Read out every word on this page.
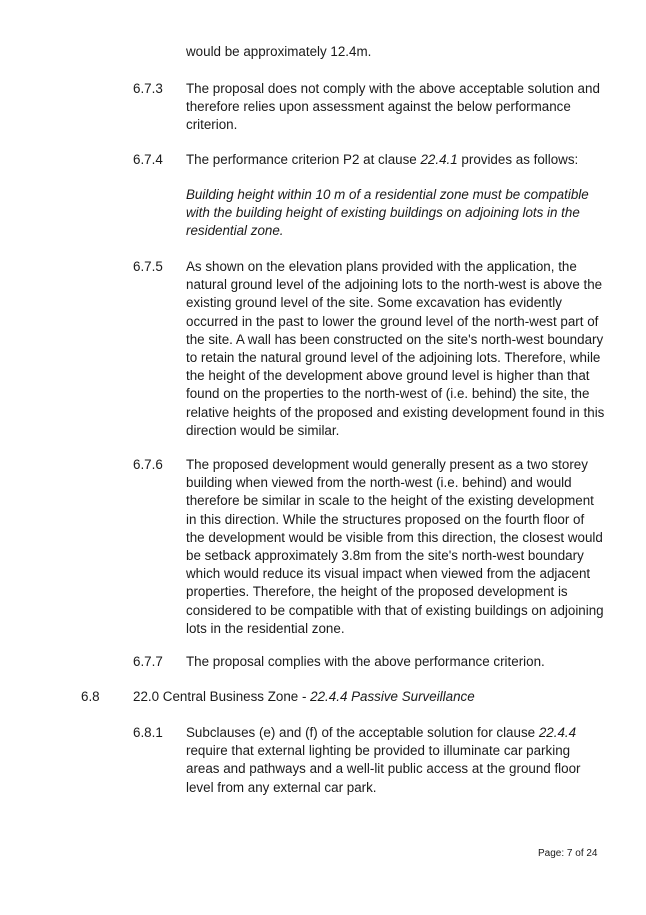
would be approximately 12.4m.
6.7.3 The proposal does not comply with the above acceptable solution and therefore relies upon assessment against the below performance criterion.
6.7.4 The performance criterion P2 at clause 22.4.1 provides as follows:
Building height within 10 m of a residential zone must be compatible with the building height of existing buildings on adjoining lots in the residential zone.
6.7.5 As shown on the elevation plans provided with the application, the natural ground level of the adjoining lots to the north-west is above the existing ground level of the site. Some excavation has evidently occurred in the past to lower the ground level of the north-west part of the site. A wall has been constructed on the site's north-west boundary to retain the natural ground level of the adjoining lots. Therefore, while the height of the development above ground level is higher than that found on the properties to the north-west of (i.e. behind) the site, the relative heights of the proposed and existing development found in this direction would be similar.
6.7.6 The proposed development would generally present as a two storey building when viewed from the north-west (i.e. behind) and would therefore be similar in scale to the height of the existing development in this direction. While the structures proposed on the fourth floor of the development would be visible from this direction, the closest would be setback approximately 3.8m from the site's north-west boundary which would reduce its visual impact when viewed from the adjacent properties. Therefore, the height of the proposed development is considered to be compatible with that of existing buildings on adjoining lots in the residential zone.
6.7.7 The proposal complies with the above performance criterion.
6.8 22.0 Central Business Zone - 22.4.4 Passive Surveillance
6.8.1 Subclauses (e) and (f) of the acceptable solution for clause 22.4.4 require that external lighting be provided to illuminate car parking areas and pathways and a well-lit public access at the ground floor level from any external car park.
Page: 7 of 24
